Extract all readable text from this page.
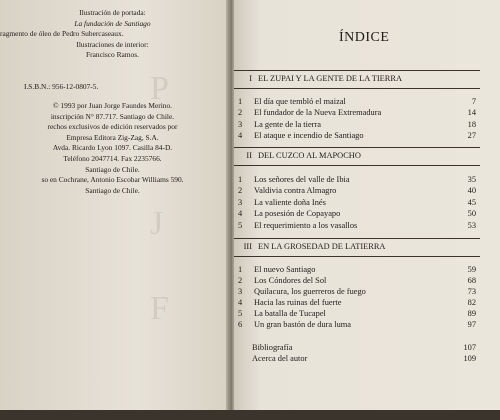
P
J
F
Ilustración de portada:
La fundación de Santiago
ragmento de óleo de Pedro Subercaseaux.
Ilustraciones de interior:
Francisco Ramos.
I.S.B.N.: 956-12-0807-5.
© 1993 por Juan Jorge Faundes Merino.
inscripción N° 87.717. Santiago de Chile.
rechos exclusivos de edición reservados por
Empresa Editora Zig-Zag, S.A.
Avda. Ricardo Lyon 1097. Casilla 84-D.
Teléfono 2047714. Fax 2235766.
Santiago de Chile.
so en Cochrane, Antonio Escobar Williams 590.
Santiago de Chile.
ÍNDICE
I EL ZUPAI Y LA GENTE DE LA TIERRA
1	El día que tembló el maizal	7
2	El fundador de la Nueva Extremadura	14
3	La gente de la tierra	18
4	El ataque e incendio de Santiago	27
II DEL CUZCO AL MAPOCHO
1	Los señores del valle de Ibia	35
2	Valdivia contra Almagro	40
3	La valiente doña Inés	45
4	La posesión de Copayapo	50
5	El requerimiento a los vasallos	53
III EN LA GROSEDAD DE LATIERRA
1	El nuevo Santiago	59
2	Los Cóndores del Sol	68
3	Quilacura, los guerreros de fuego	73
4	Hacia las ruinas del fuerte	82
5	La batalla de Tucapel	89
6	Un gran bastón de dura luma	97
Bibliografía	107
Acerca del autor	109
